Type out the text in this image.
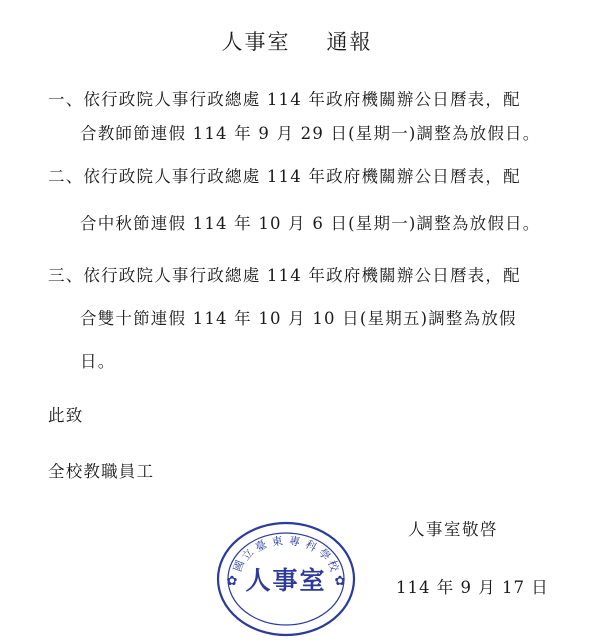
人事室 通報
一、依行政院人事行政總處 114 年政府機關辦公日曆表，配
合教師節連假 114 年 9 月 29 日(星期一)調整為放假日。
二、依行政院人事行政總處 114 年政府機關辦公日曆表，配
合中秋節連假 114 年 10 月 6 日(星期一)調整為放假日。
三、依行政院人事行政總處 114 年政府機關辦公日曆表，配
合雙十節連假 114 年 10 月 10 日(星期五)調整為放假
日。
此致
全校教職員工
人事室敬啓
114 年 9 月 17 日
✿	✿
國
立
臺 東 專 科
學
校
人事室
